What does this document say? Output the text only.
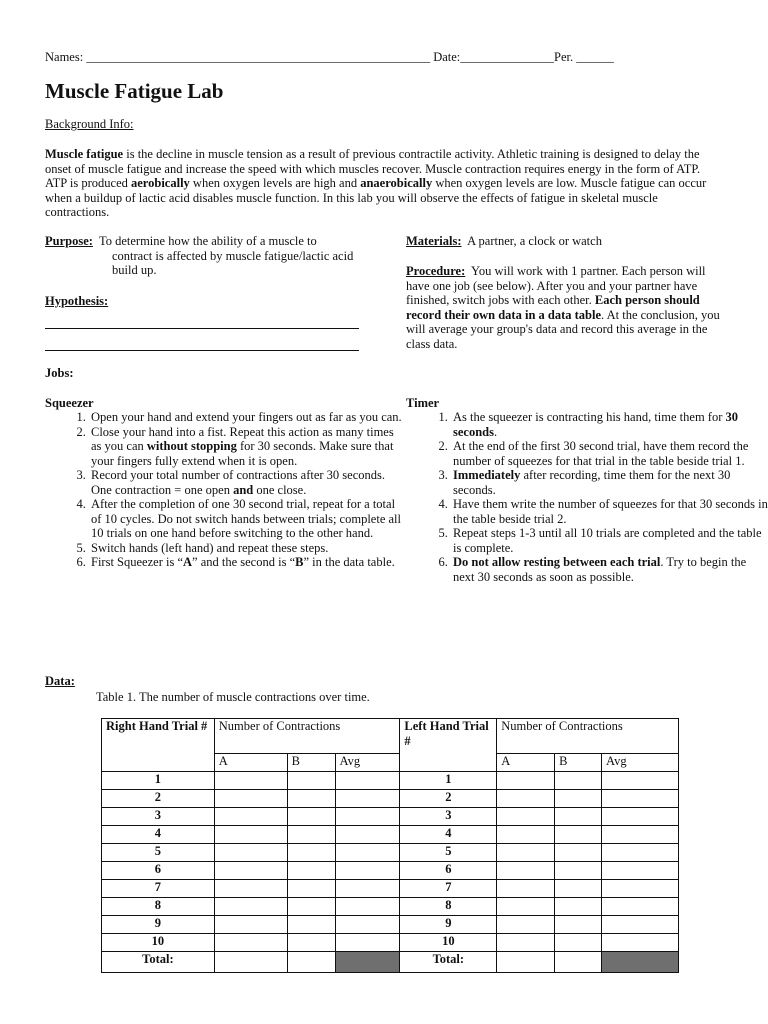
Names: _______________________________________________________ Date:_______________Per. ______
Muscle Fatigue Lab
Background Info:

Muscle fatigue is the decline in muscle tension as a result of previous contractile activity. Athletic training is designed to delay the onset of muscle fatigue and increase the speed with which muscles recover. Muscle contraction requires energy in the form of ATP. ATP is produced aerobically when oxygen levels are high and anaerobically when oxygen levels are low. Muscle fatigue can occur when a buildup of lactic acid disables muscle function. In this lab you will observe the effects of fatigue in skeletal muscle contractions.

Purpose: To determine how the ability of a muscle to
contract is affected by muscle fatigue/lactic acid
build up.
Hypothesis:
Materials: A partner, a clock or watch

Procedure: You will work with 1 partner. Each person will have one job (see below). After you and your partner have finished, switch jobs with each other. Each person should record their own data in a data table. At the conclusion, you will average your group's data and record this average in the class data.

Jobs:
Squeezer
1. Open your hand and extend your fingers out as far as you can.
2. Close your hand into a fist. Repeat this action as many times as you can without stopping for 30 seconds. Make sure that your fingers fully extend when it is open.
3. Record your total number of contractions after 30 seconds. One contraction = one open and one close.
4. After the completion of one 30 second trial, repeat for a total of 10 cycles. Do not switch hands between trials; complete all 10 trials on one hand before switching to the other hand.
5. Switch hands (left hand) and repeat these steps.
6. First Squeezer is “A” and the second is “B” in the data table.
Timer
1. As the squeezer is contracting his hand, time them for 30 seconds.
2. At the end of the first 30 second trial, have them record the number of squeezes for that trial in the table beside trial 1.
3. Immediately after recording, time them for the next 30 seconds.
4. Have them write the number of squeezes for that 30 seconds in the table beside trial 2.
5. Repeat steps 1-3 until all 10 trials are completed and the table is complete.
6. Do not allow resting between each trial. Try to begin the next 30 seconds as soon as possible.
Data:
Table 1. The number of muscle contractions over time.
Right Hand Trial #	Number of Contractions			Left Hand Trial #	Number of Contractions		
	A	B	Avg		A	B	Avg
1				1			
2				2			
3				3			
4				4			
5				5			
6				6			
7				7			
8				8			
9				9			
10				10			
Total:				Total:			
